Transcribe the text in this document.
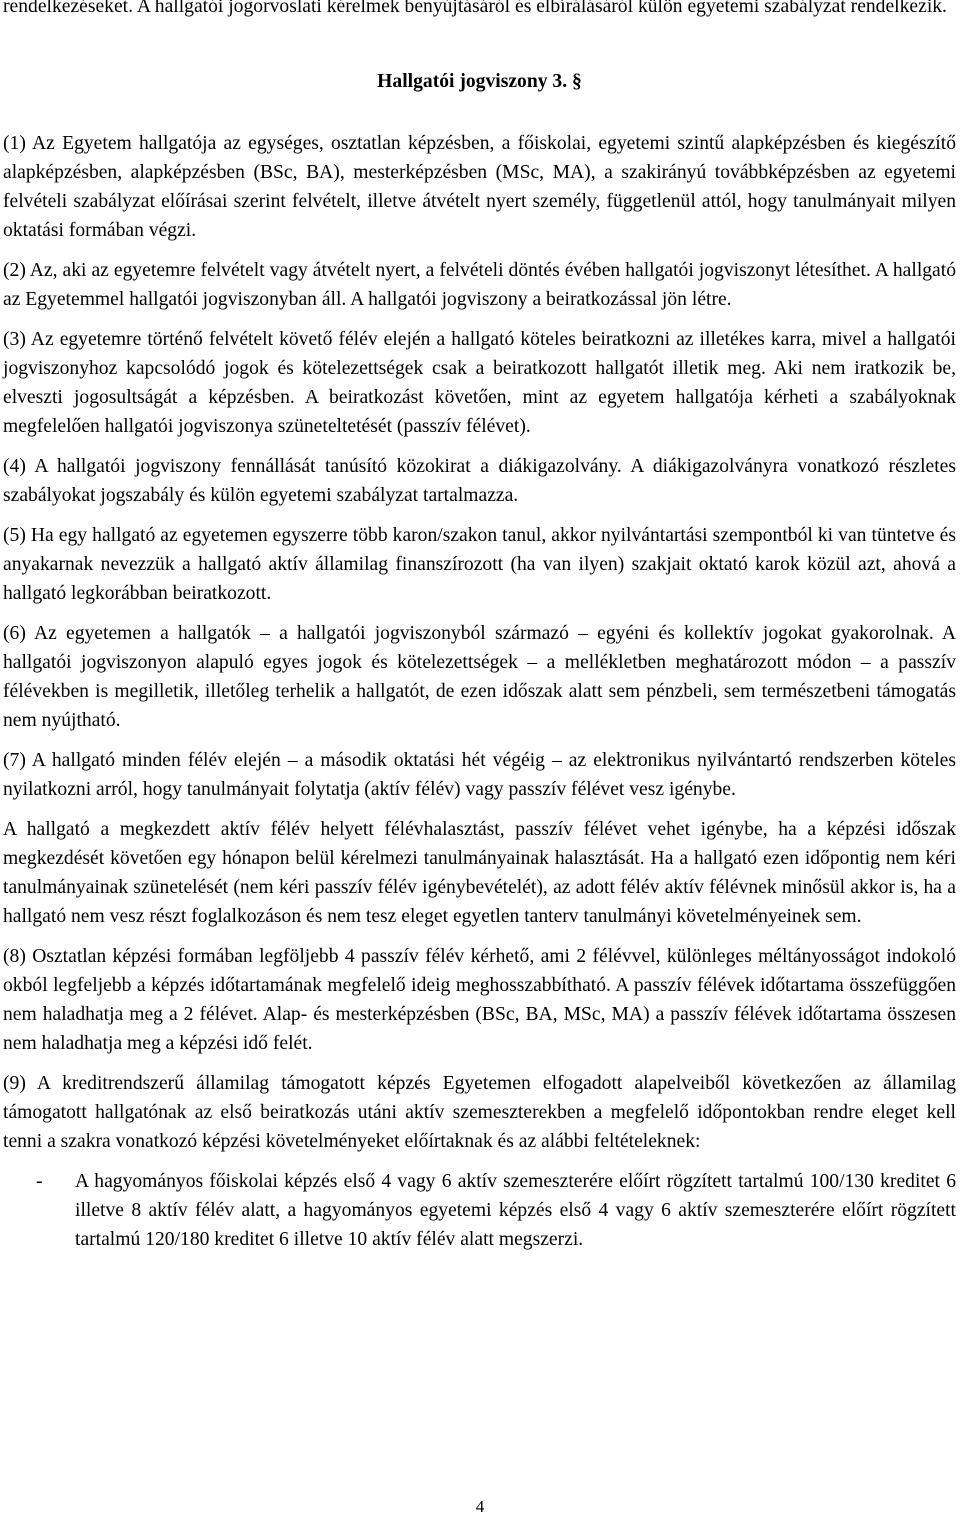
rendelkezéseket. A hallgatói jogorvoslati kérelmek benyújtásáról és elbírálásáról külön egyetemi szabályzat rendelkezik.

Hallgatói jogviszony 3. §

(1) Az Egyetem hallgatója az egységes, osztatlan képzésben, a főiskolai, egyetemi szintű alapképzésben és kiegészítő alapképzésben, alapképzésben (BSc, BA), mesterképzésben (MSc, MA), a szakirányú továbbképzésben az egyetemi felvételi szabályzat előírásai szerint felvételt, illetve átvételt nyert személy, függetlenül attól, hogy tanulmányait milyen oktatási formában végzi.

(2) Az, aki az egyetemre felvételt vagy átvételt nyert, a felvételi döntés évében hallgatói jogviszonyt létesíthet. A hallgató az Egyetemmel hallgatói jogviszonyban áll. A hallgatói jogviszony a beiratkozással jön létre.

(3) Az egyetemre történő felvételt követő félév elején a hallgató köteles beiratkozni az illetékes karra, mivel a hallgatói jogviszonyhoz kapcsolódó jogok és kötelezettségek csak a beiratkozott hallgatót illetik meg. Aki nem iratkozik be, elveszti jogosultságát a képzésben. A beiratkozást követően, mint az egyetem hallgatója kérheti a szabályoknak megfelelően hallgatói jogviszonya szüneteltetését (passzív félévet).

(4) A hallgatói jogviszony fennállását tanúsító közokirat a diákigazolvány. A diákigazolványra vonatkozó részletes szabályokat jogszabály és külön egyetemi szabályzat tartalmazza.

(5) Ha egy hallgató az egyetemen egyszerre több karon/szakon tanul, akkor nyilvántartási szempontból ki van tüntetve és anyakarnak nevezzük a hallgató aktív államilag finanszírozott (ha van ilyen) szakjait oktató karok közül azt, ahová a hallgató legkorábban beiratkozott.

(6) Az egyetemen a hallgatók – a hallgatói jogviszonyból származó – egyéni és kollektív jogokat gyakorolnak. A hallgatói jogviszonyon alapuló egyes jogok és kötelezettségek – a mellékletben meghatározott módon – a passzív félévekben is megilletik, illetőleg terhelik a hallgatót, de ezen időszak alatt sem pénzbeli, sem természetbeni támogatás nem nyújtható.

(7) A hallgató minden félév elején – a második oktatási hét végéig – az elektronikus nyilvántartó rendszerben köteles nyilatkozni arról, hogy tanulmányait folytatja (aktív félév) vagy passzív félévet vesz igénybe.

A hallgató a megkezdett aktív félév helyett félévhalasztást, passzív félévet vehet igénybe, ha a képzési időszak megkezdését követően egy hónapon belül kérelmezi tanulmányainak halasztását. Ha a hallgató ezen időpontig nem kéri tanulmányainak szünetelését (nem kéri passzív félév igénybevételét), az adott félév aktív félévnek minősül akkor is, ha a hallgató nem vesz részt foglalkozáson és nem tesz eleget egyetlen tanterv tanulmányi követelményeinek sem.

(8) Osztatlan képzési formában legföljebb 4 passzív félév kérhető, ami 2 félévvel, különleges méltányosságot indokoló okból legfeljebb a képzés időtartamának megfelelő ideig meghosszabbítható. A passzív félévek időtartama összefüggően nem haladhatja meg a 2 félévet. Alap- és mesterképzésben (BSc, BA, MSc, MA) a passzív félévek időtartama összesen nem haladhatja meg a képzési idő felét.

(9) A kreditrendszerű államilag támogatott képzés Egyetemen elfogadott alapelveiből következően az államilag támogatott hallgatónak az első beiratkozás utáni aktív szemeszterekben a megfelelő időpontokban rendre eleget kell tenni a szakra vonatkozó képzési követelményeket előírtaknak és az alábbi feltételeknek:

- A hagyományos főiskolai képzés első 4 vagy 6 aktív szemeszterére előírt rögzített tartalmú 100/130 kreditet 6 illetve 8 aktív félév alatt, a hagyományos egyetemi képzés első 4 vagy 6 aktív szemeszterére előírt rögzített tartalmú 120/180 kreditet 6 illetve 10 aktív félév alatt megszerzi.
4
